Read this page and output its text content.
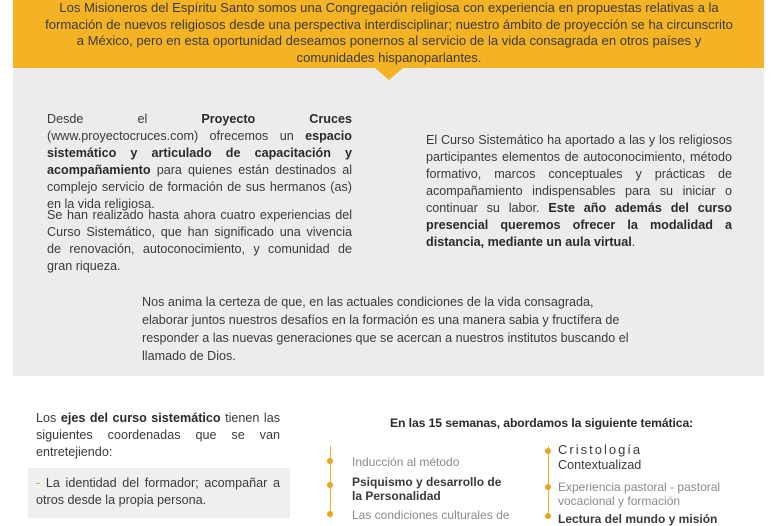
Los Misioneros del Espíritu Santo somos una Congregación religiosa con experiencia en propuestas relativas a la formación de nuevos religiosos desde una perspectiva interdisciplinar; nuestro ámbito de proyección se ha circunscrito a México, pero en esta oportunidad deseamos ponernos al servicio de la vida consagrada en otros países y comunidades hispanoparlantes.
Desde el Proyecto Cruces (www.proyectocruces.com) ofrecemos un espacio sistemático y articulado de capacitación y acompañamiento para quienes están destinados al complejo servicio de formación de sus hermanos (as) en la vida religiosa.
Se han realizado hasta ahora cuatro experiencias del Curso Sistemático, que han significado una vivencia de renovación, autoconocimiento, y comunidad de gran riqueza.
El Curso Sistemático ha aportado a las y los religiosos participantes elementos de autoconocimiento, método formativo, marcos conceptuales y prácticas de acompañamiento indispensables para su iniciar o continuar su labor. Este año además del curso presencial queremos ofrecer la modalidad a distancia, mediante un aula virtual.
Nos anima la certeza de que, en las actuales condiciones de la vida consagrada, elaborar juntos nuestros desafíos en la formación es una manera sabia y fructífera de responder a las nuevas generaciones que se acercan a nuestros institutos buscando el llamado de Dios.
Los ejes del curso sistemático tienen las siguientes coordenadas que se van entretejiendo:
- La identidad del formador; acompañar a otros desde la propia persona.
En las 15 semanas, abordamos la siguiente temática:
Inducción al método
Psiquismo y desarrollo de la Personalidad
Las condiciones culturales de
Cristología
Contextualizad
Experiencia pastoral - pastoral vocacional y formación
Lectura del mundo y misión
